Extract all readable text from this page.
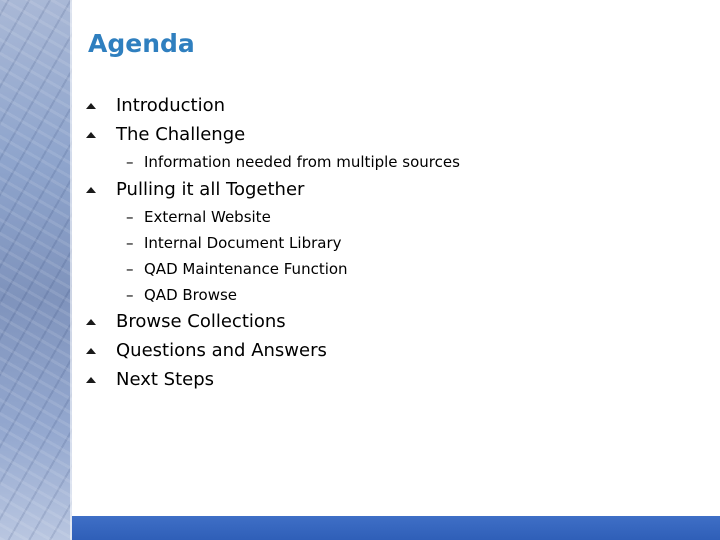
Agenda
Introduction
The Challenge
– Information needed from multiple sources
Pulling it all Together
– External Website
– Internal Document Library
– QAD Maintenance Function
– QAD Browse
Browse Collections
Questions and Answers
Next Steps
